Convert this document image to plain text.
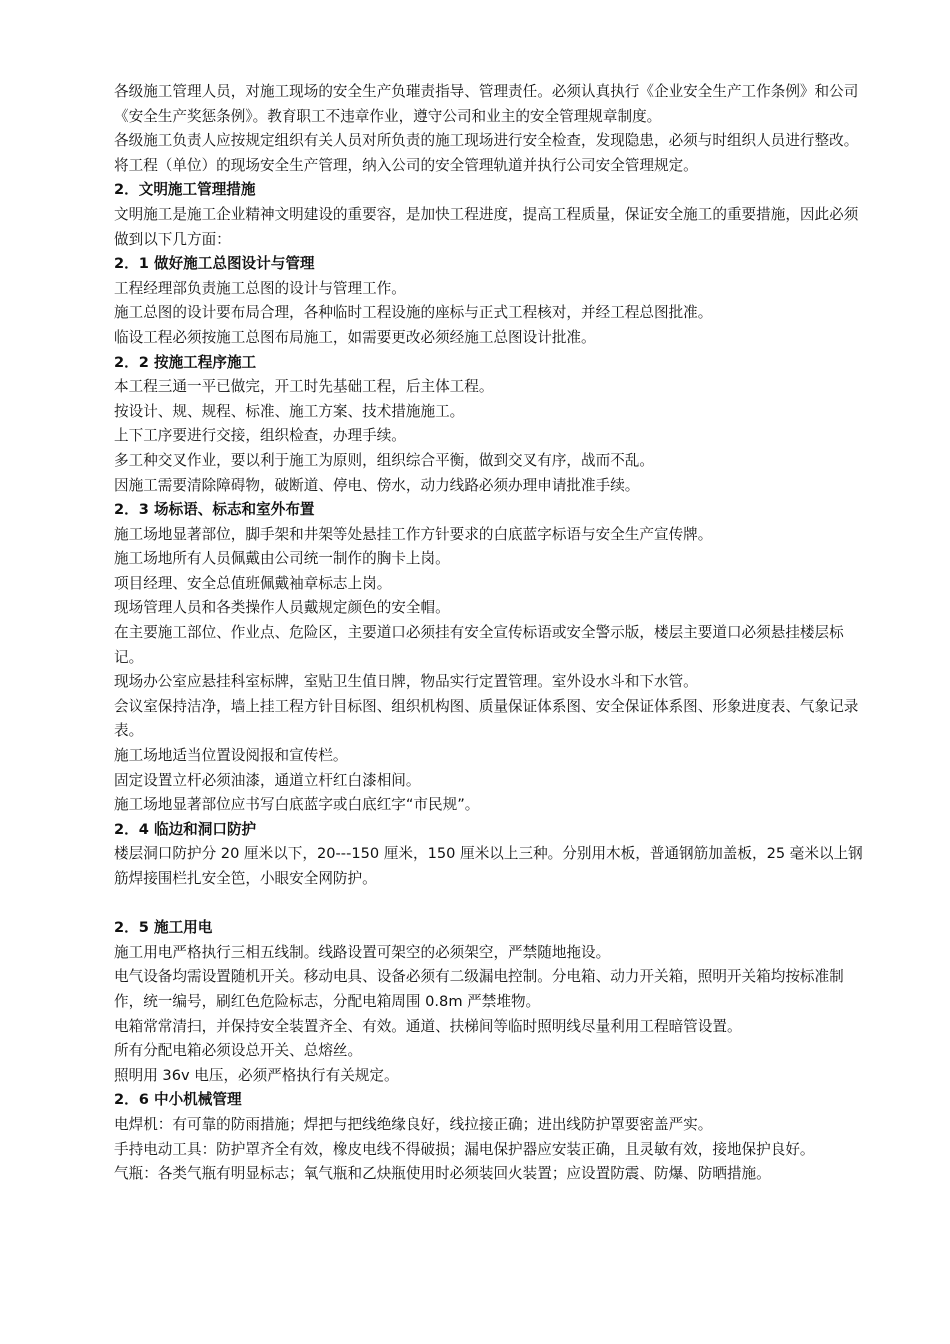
各级施工管理人员，对施工现场的安全生产负璀责指导、管理责任。必须认真执行《企业安全生产工作条例》和公司《安全生产奖惩条例》。教育职工不违章作业，遵守公司和业主的安全管理规章制度。

各级施工负责人应按规定组织有关人员对所负责的施工现场进行安全检查，发现隐患，必须与时组织人员进行整改。

将工程（单位）的现场安全生产管理，纳入公司的安全管理轨道并执行公司安全管理规定。

2．文明施工管理措施

文明施工是施工企业精神文明建设的重要容，是加快工程进度，提高工程质量，保证安全施工的重要措施，因此必须做到以下几方面：

2．1 做好施工总图设计与管理

工程经理部负责施工总图的设计与管理工作。

施工总图的设计要布局合理，各种临时工程设施的座标与正式工程核对，并经工程总图批准。

临设工程必须按施工总图布局施工，如需要更改必须经施工总图设计批准。

2．2 按施工程序施工

本工程三通一平已做完，开工时先基础工程，后主体工程。

按设计、规、规程、标准、施工方案、技术措施施工。

上下工序要进行交接，组织检查，办理手续。

多工种交叉作业，要以利于施工为原则，组织综合平衡，做到交叉有序，战而不乱。

因施工需要清除障碍物，破断道、停电、傍水，动力线路必须办理申请批准手续。

2．3 场标语、标志和室外布置

施工场地显著部位，脚手架和井架等处悬挂工作方针要求的白底蓝字标语与安全生产宣传牌。

施工场地所有人员佩戴由公司统一制作的胸卡上岗。

项目经理、安全总值班佩戴袖章标志上岗。

现场管理人员和各类操作人员戴规定颜色的安全帽。

在主要施工部位、作业点、危险区，主要道口必须挂有安全宣传标语或安全警示版，楼层主要道口必须悬挂楼层标记。

现场办公室应悬挂科室标牌，室贴卫生值日牌，物品实行定置管理。室外设水斗和下水管。

会议室保持洁净，墙上挂工程方针目标图、组织机构图、质量保证体系图、安全保证体系图、形象进度表、气象记录表。

施工场地适当位置设阅报和宣传栏。

固定设置立杆必须油漆，通道立杆红白漆相间。

施工场地显著部位应书写白底蓝字或白底红字“市民规”。

2．4 临边和洞口防护

楼层洞口防护分 20 厘米以下，20---150 厘米，150 厘米以上三种。分别用木板，普通钢筋加盖板，25 毫米以上钢筋焊接围栏扎安全笆，小眼安全网防护。

2．5 施工用电

施工用电严格执行三相五线制。线路设置可架空的必须架空，严禁随地拖设。

电气设备均需设置随机开关。移动电具、设备必须有二级漏电控制。分电箱、动力开关箱，照明开关箱均按标准制作，统一编号，刷红色危险标志，分配电箱周围 0.8m 严禁堆物。

电箱常常清扫，并保持安全装置齐全、有效。通道、扶梯间等临时照明线尽量利用工程暗管设置。

所有分配电箱必须设总开关、总熔丝。

照明用 36v 电压，必须严格执行有关规定。

2．6 中小机械管理

电焊机：有可靠的防雨措施；焊把与把线绝缘良好，线拉接正确；进出线防护罩要密盖严实。

手持电动工具：防护罩齐全有效，橡皮电线不得破损；漏电保护器应安装正确，且灵敏有效，接地保护良好。

气瓶：各类气瓶有明显标志；氧气瓶和乙炔瓶使用时必须装回火装置；应设置防震、防爆、防晒措施。
